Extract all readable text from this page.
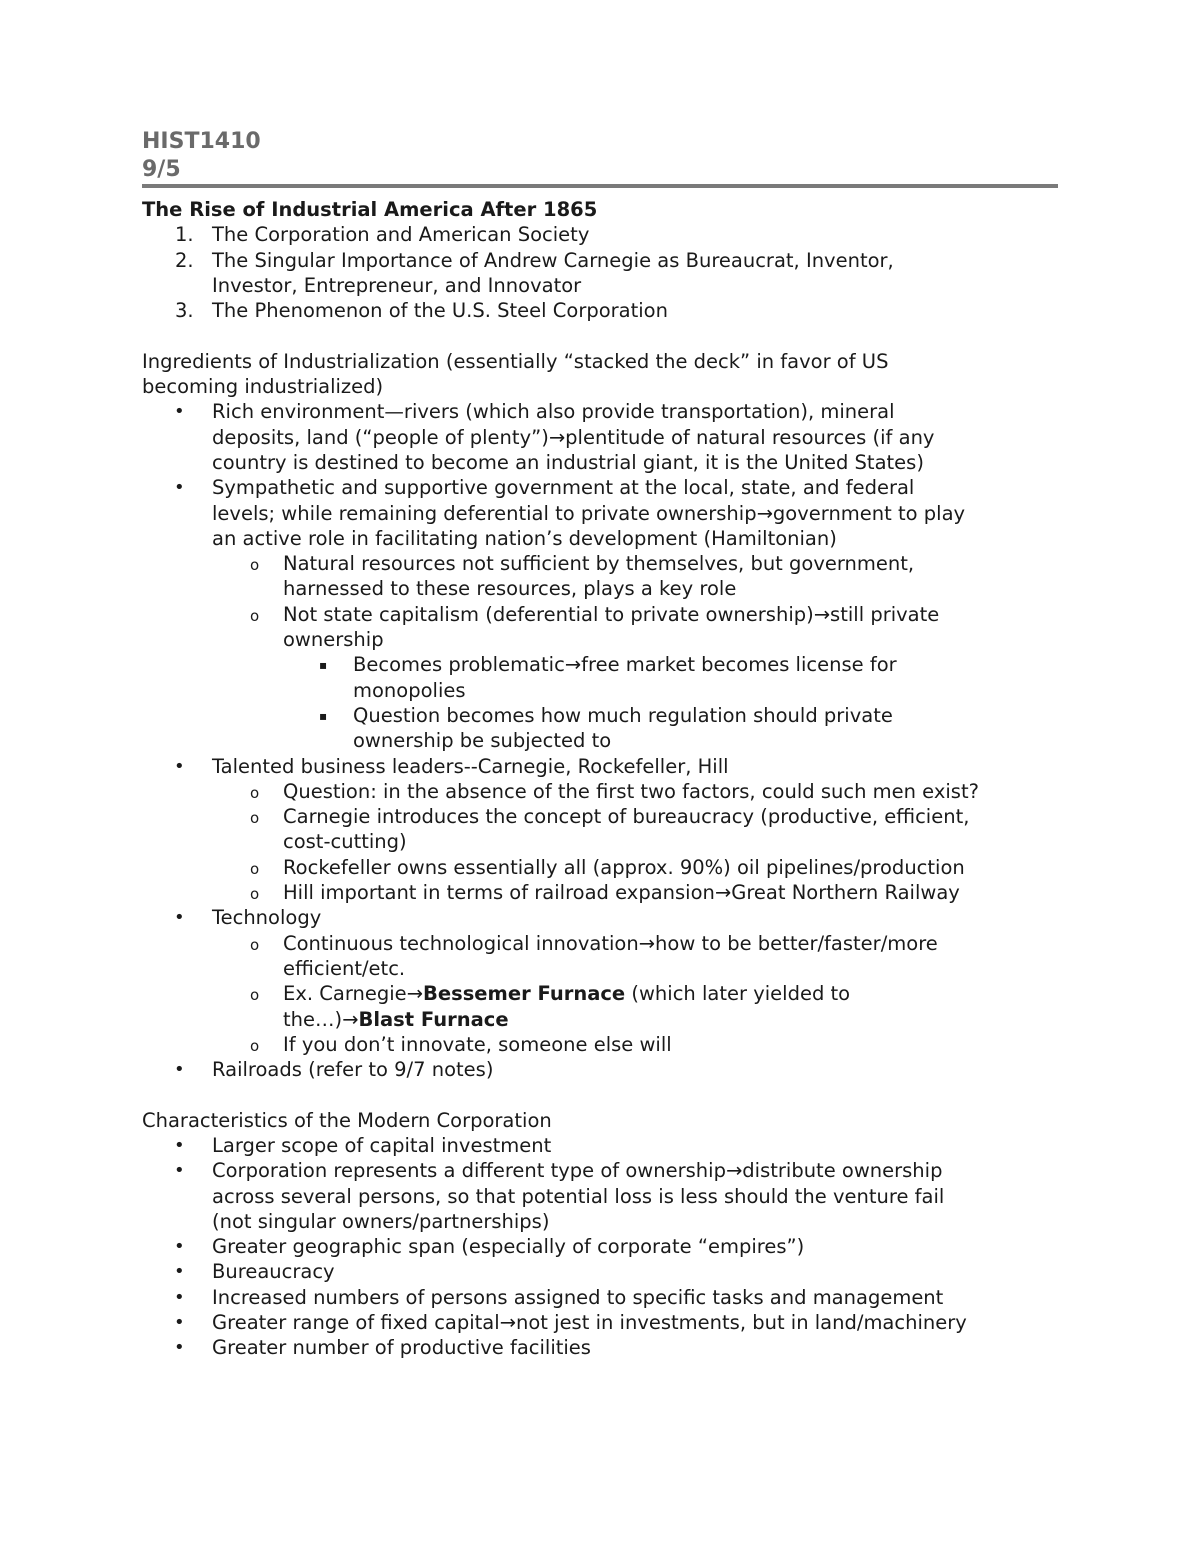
HIST1410
9/5
The Rise of Industrial America After 1865
1. The Corporation and American Society
2. The Singular Importance of Andrew Carnegie as Bureaucrat, Inventor,
Investor, Entrepreneur, and Innovator
3. The Phenomenon of the U.S. Steel Corporation
Ingredients of Industrialization (essentially “stacked the deck” in favor of US
becoming industrialized)
• Rich environment—rivers (which also provide transportation), mineral
deposits, land (“people of plenty”)→plentitude of natural resources (if any
country is destined to become an industrial giant, it is the United States)
• Sympathetic and supportive government at the local, state, and federal
levels; while remaining deferential to private ownership→government to play
an active role in facilitating nation’s development (Hamiltonian)
o Natural resources not sufficient by themselves, but government,
harnessed to these resources, plays a key role
o Not state capitalism (deferential to private ownership)→still private
ownership
▪ Becomes problematic→free market becomes license for
monopolies
▪ Question becomes how much regulation should private
ownership be subjected to
• Talented business leaders--Carnegie, Rockefeller, Hill
o Question: in the absence of the first two factors, could such men exist?
o Carnegie introduces the concept of bureaucracy (productive, efficient,
cost-cutting)
o Rockefeller owns essentially all (approx. 90%) oil pipelines/production
o Hill important in terms of railroad expansion→Great Northern Railway
• Technology
o Continuous technological innovation→how to be better/faster/more
efficient/etc.
o Ex. Carnegie→Bessemer Furnace (which later yielded to
the…)→Blast Furnace
o If you don’t innovate, someone else will
• Railroads (refer to 9/7 notes)
Characteristics of the Modern Corporation
• Larger scope of capital investment
• Corporation represents a different type of ownership→distribute ownership
across several persons, so that potential loss is less should the venture fail
(not singular owners/partnerships)
• Greater geographic span (especially of corporate “empires”)
• Bureaucracy
• Increased numbers of persons assigned to specific tasks and management
• Greater range of fixed capital→not jest in investments, but in land/machinery
• Greater number of productive facilities
